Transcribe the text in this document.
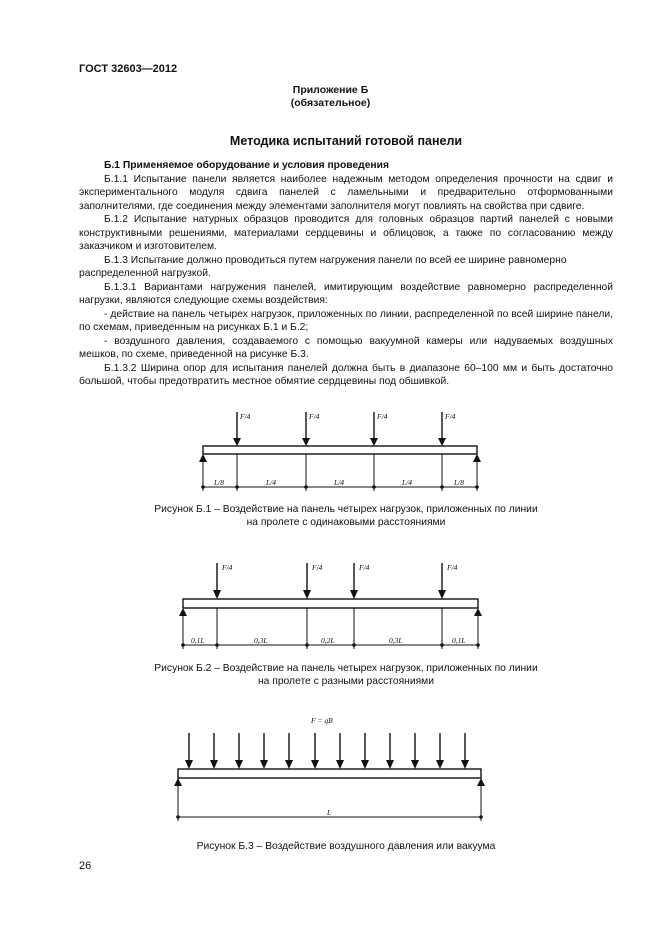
ГОСТ 32603—2012
Приложение Б
(обязательное)
Методика испытаний готовой панели

Б.1 Применяемое оборудование и условия проведения

Б.1.1 Испытание панели является наиболее надежным методом определения прочности на сдвиг и экспериментального модуля сдвига панелей с ламельными и предварительно отформованными заполнителями, где соединения между элементами заполнителя могут повлиять на свойства при сдвиге.

Б.1.2 Испытание натурных образцов проводится для головных образцов партий панелей с новыми конструктивными решениями, материалами сердцевины и облицовок, а также по согласованию между заказчиком и изготовителем.

Б.1.3 Испытание должно проводиться путем нагружения панели по всей ее ширине равномерно распределенной нагрузкой.

Б.1.3.1 Вариантами нагружения панелей, имитирующим воздействие равномерно распределенной нагрузки, являются следующие схемы воздействия:

- действие на панель четырех нагрузок, приложенных по линии, распределенной по всей ширине панели, по схемам, приведенным на рисунках Б.1 и Б.2;

- воздушного давления, создаваемого с помощью вакуумной камеры или надуваемых воздушных мешков, по схеме, приведенной на рисунке Б.3.

Б.1.3.2 Ширина опор для испытания панелей должна быть в диапазоне 60–100 мм и быть достаточно большой, чтобы предотвратить местное обмятие сердцевины под обшивкой.

F/4	F/4	F/4	F/4
L/8	L/4	L/4	L/4	L/8
Рисунок Б.1 – Воздействие на панель четырех нагрузок, приложенных по линии
на пролете с одинаковыми расстояниями
F/4	F/4	F/4	F/4
0,1L	0,3L	0,2L	0,3L	0,1L
Рисунок Б.2 – Воздействие на панель четырех нагрузок, приложенных по линии
на пролете с разными расстояниями
F = qB
L
Рисунок Б.3 – Воздействие воздушного давления или вакуума
26
